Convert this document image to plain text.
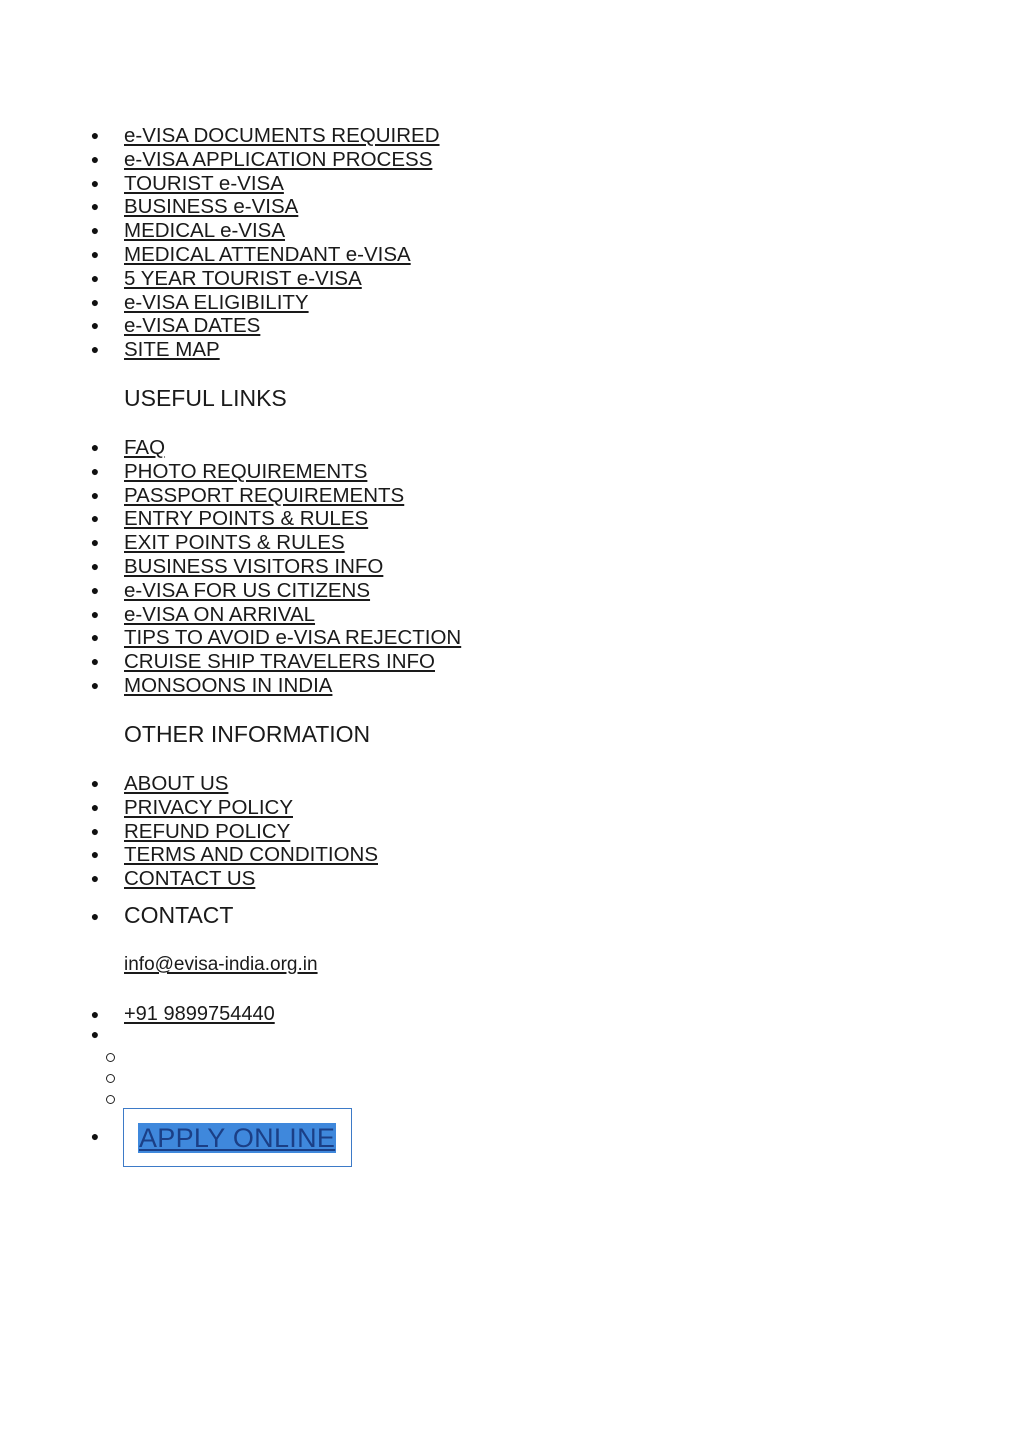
● e-VISA DOCUMENTS REQUIRED
● e-VISA APPLICATION PROCESS
● TOURIST e-VISA
● BUSINESS e-VISA
● MEDICAL e-VISA
● MEDICAL ATTENDANT e-VISA
● 5 YEAR TOURIST e-VISA
● e-VISA ELIGIBILITY
● e-VISA DATES
● SITE MAP
USEFUL LINKS
● FAQ
● PHOTO REQUIREMENTS
● PASSPORT REQUIREMENTS
● ENTRY POINTS & RULES
● EXIT POINTS & RULES
● BUSINESS VISITORS INFO
● e-VISA FOR US CITIZENS
● e-VISA ON ARRIVAL
● TIPS TO AVOID e-VISA REJECTION
● CRUISE SHIP TRAVELERS INFO
● MONSOONS IN INDIA
OTHER INFORMATION
● ABOUT US
● PRIVACY POLICY
● REFUND POLICY
● TERMS AND CONDITIONS
● CONTACT US
● CONTACT
info@evisa-india.org.in
● +91 9899754440
●
● APPLY ONLINE
